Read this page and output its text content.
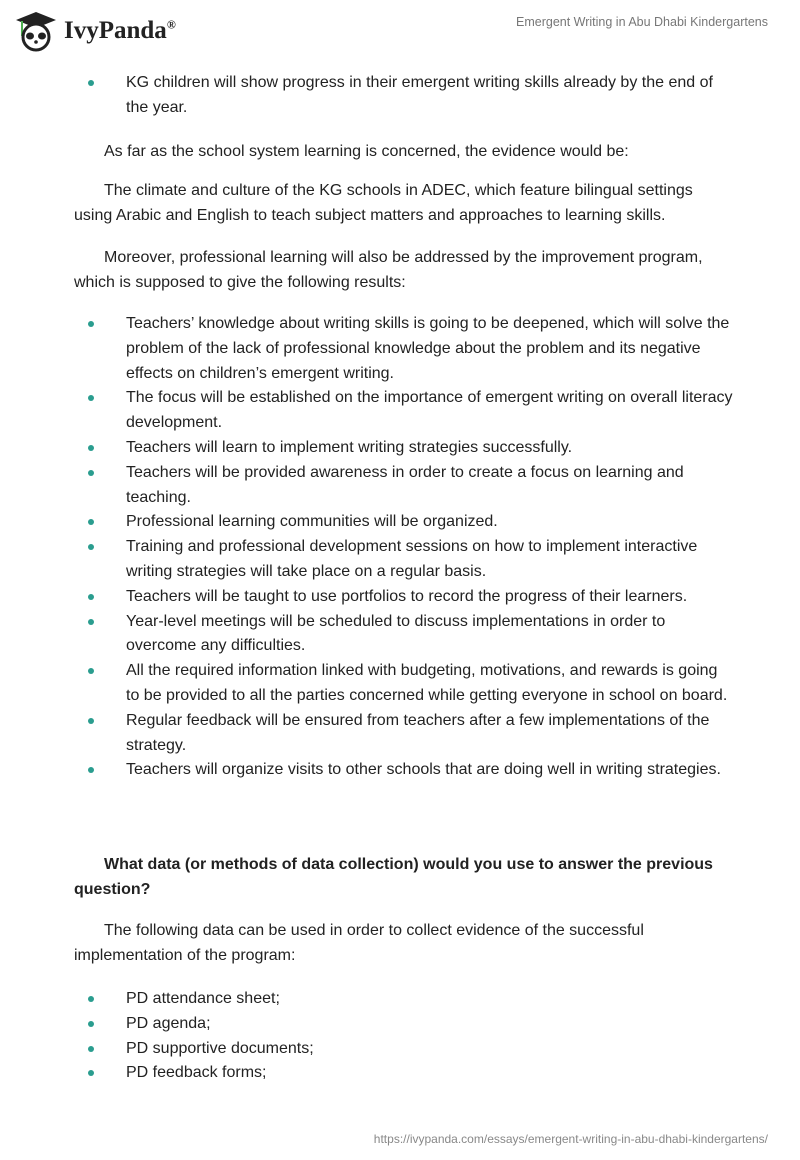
IvyPanda®	Emergent Writing in Abu Dhabi Kindergartens
KG children will show progress in their emergent writing skills already by the end of the year.

As far as the school system learning is concerned, the evidence would be:

The climate and culture of the KG schools in ADEC, which feature bilingual settings using Arabic and English to teach subject matters and approaches to learning skills.

Moreover, professional learning will also be addressed by the improvement program, which is supposed to give the following results:

Teachers’ knowledge about writing skills is going to be deepened, which will solve the problem of the lack of professional knowledge about the problem and its negative effects on children’s emergent writing.
The focus will be established on the importance of emergent writing on overall literacy development.
Teachers will learn to implement writing strategies successfully.
Teachers will be provided awareness in order to create a focus on learning and teaching.
Professional learning communities will be organized.
Training and professional development sessions on how to implement interactive writing strategies will take place on a regular basis.
Teachers will be taught to use portfolios to record the progress of their learners.
Year-level meetings will be scheduled to discuss implementations in order to overcome any difficulties.
All the required information linked with budgeting, motivations, and rewards is going to be provided to all the parties concerned while getting everyone in school on board.
Regular feedback will be ensured from teachers after a few implementations of the strategy.
Teachers will organize visits to other schools that are doing well in writing strategies.

What data (or methods of data collection) would you use to answer the previous question?

The following data can be used in order to collect evidence of the successful implementation of the program:

PD attendance sheet;
PD agenda;
PD supportive documents;
PD feedback forms;
https://ivypanda.com/essays/emergent-writing-in-abu-dhabi-kindergartens/
